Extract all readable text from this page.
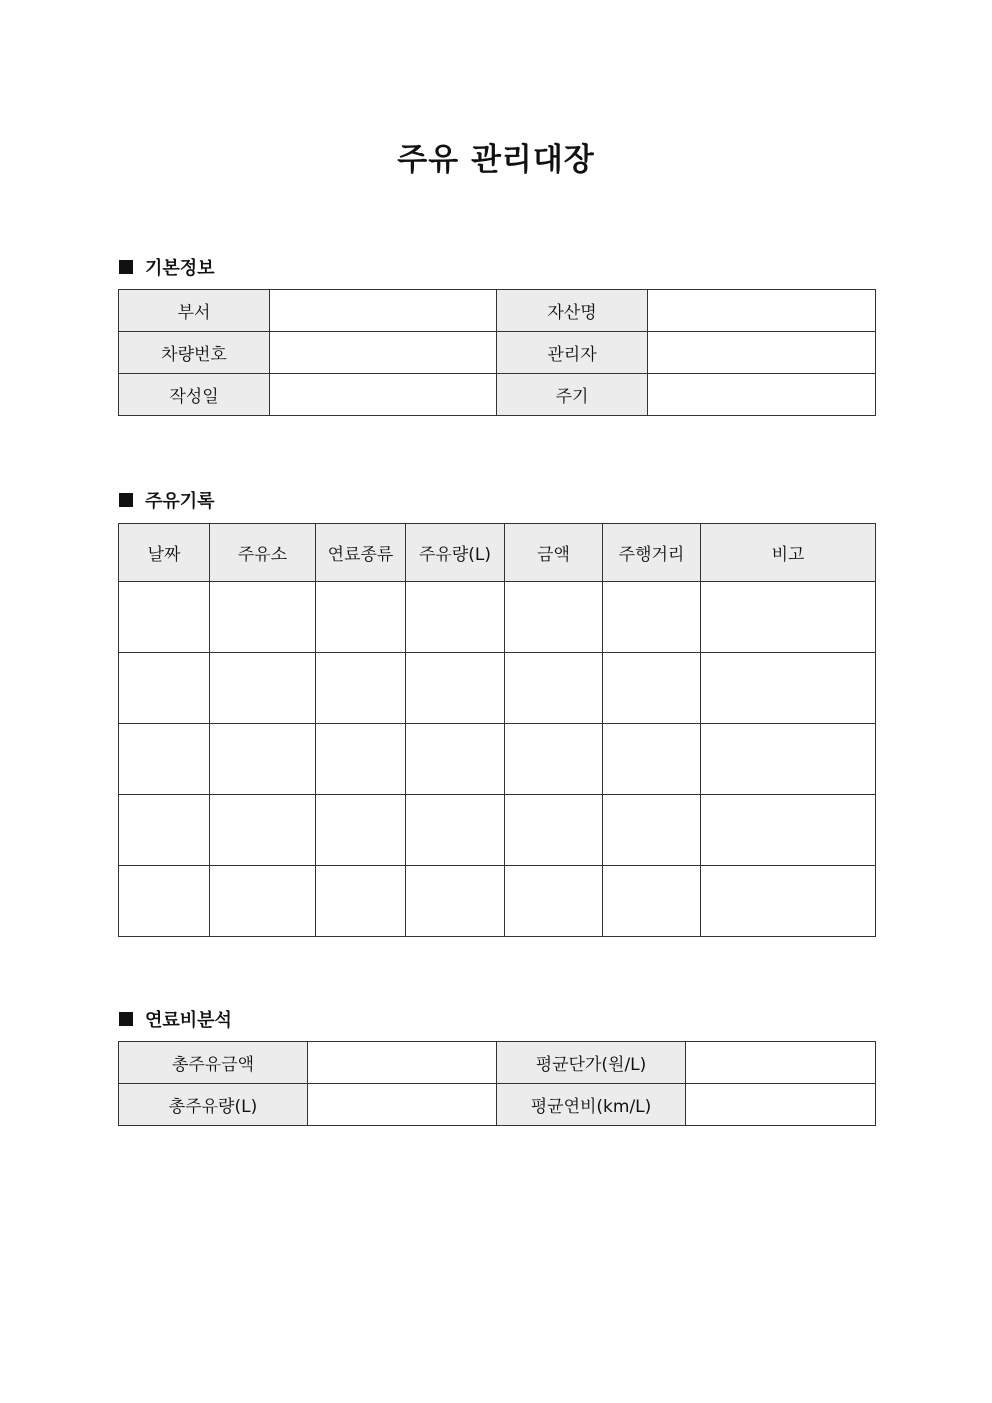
주유 관리대장
기본정보
부서		자산명	
차량번호		관리자	
작성일		주기	
주유기록
날짜	주유소	연료종류	주유량(L)	금액	주행거리	비고

연료비분석
총주유금액		평균단가(원/L)	
총주유량(L)		평균연비(km/L)	
